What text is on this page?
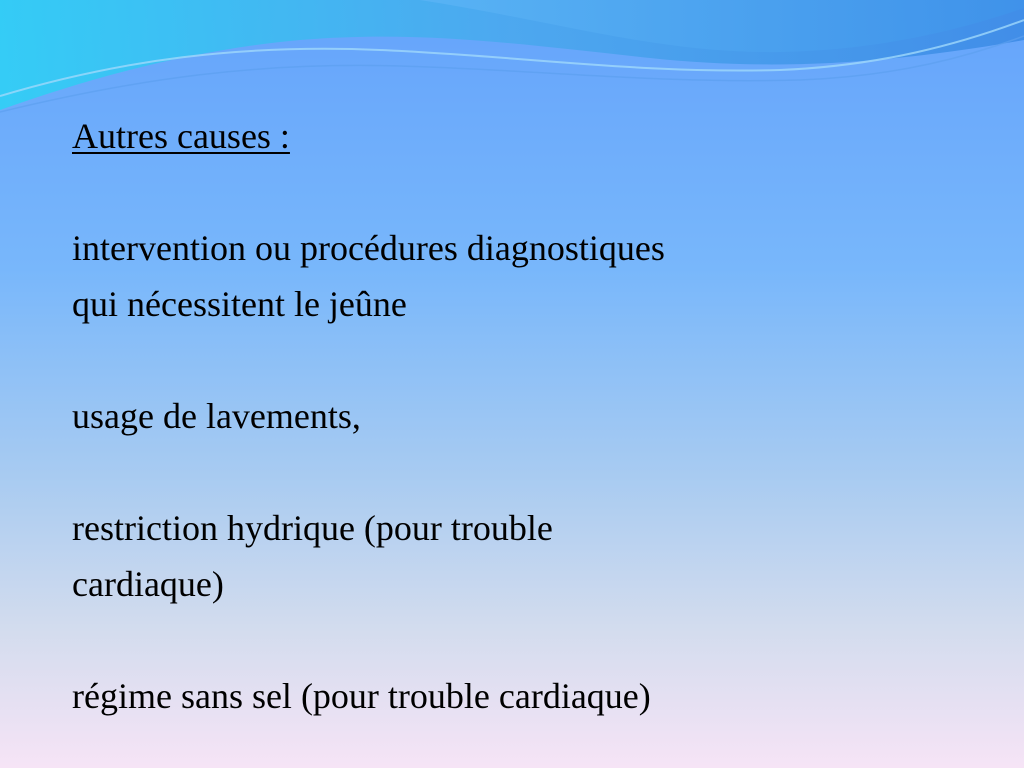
Autres causes :

intervention ou procédures diagnostiques
qui nécessitent le jeûne

usage de lavements,

restriction hydrique (pour trouble
cardiaque)

régime sans sel (pour trouble cardiaque)
